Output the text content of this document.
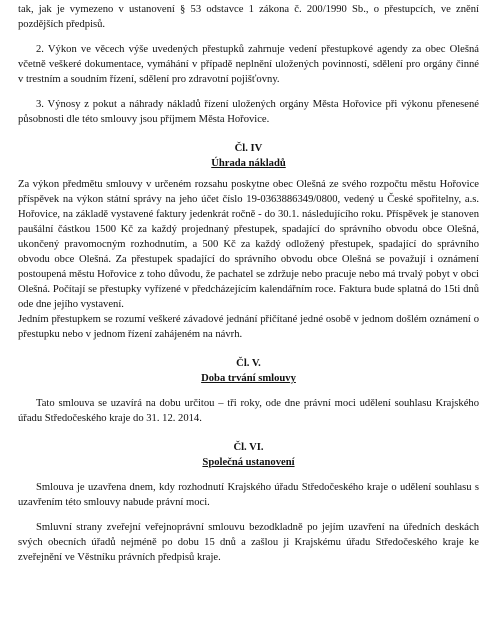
tak, jak je vymezeno v ustanovení § 53 odstavce 1 zákona č. 200/1990 Sb., o přestupcích, ve znění pozdějších předpisů.

2. Výkon ve věcech výše uvedených přestupků zahrnuje vedení přestupkové agendy za obec Olešná včetně veškeré dokumentace, vymáhání v případě neplnění uložených povinností, sdělení pro orgány činné v trestním a soudním řízení, sdělení pro zdravotní pojišťovny.

3. Výnosy z pokut a náhrady nákladů řízení uložených orgány Města Hořovice při výkonu přenesené působnosti dle této smlouvy jsou příjmem Města Hořovice.

Čl. IV

Úhrada nákladů

Za výkon předmětu smlouvy v určeném rozsahu poskytne obec Olešná ze svého rozpočtu městu Hořovice příspěvek na výkon státní správy na jeho účet číslo 19-0363886349/0800, vedený u České spořitelny, a.s. Hořovice, na základě vystavené faktury jedenkrát ročně - do 30.1. následujícího roku. Příspěvek je stanoven paušální částkou 1500 Kč za každý projednaný přestupek, spadající do správního obvodu obce Olešná, ukončený pravomocným rozhodnutím, a 500 Kč za každý odložený přestupek, spadající do správního obvodu obce Olešná. Za přestupek spadající do správního obvodu obce Olešná se považují i oznámení postoupená městu Hořovice z toho důvodu, že pachatel se zdržuje nebo pracuje nebo má trvalý pobyt v obci Olešná. Počítají se přestupky vyřízené v předcházejícím kalendářním roce. Faktura bude splatná do 15ti dnů ode dne jejího vystavení.

Jedním přestupkem se rozumí veškeré závadové jednání přičítané jedné osobě v jednom došlém oznámení o přestupku nebo v jednom řízení zahájeném na návrh.

Čl. V.

Doba trvání smlouvy

Tato smlouva se uzavírá na dobu určitou – tři roky, ode dne právní moci udělení souhlasu Krajského úřadu Středočeského kraje do 31. 12. 2014.

Čl. VI.

Společná ustanovení

Smlouva je uzavřena dnem, kdy rozhodnutí Krajského úřadu Středočeského kraje o udělení souhlasu s uzavřením této smlouvy nabude právní moci.

Smluvní strany zveřejní veřejnoprávní smlouvu bezodkladně po jejím uzavření na úředních deskách svých obecních úřadů nejméně po dobu 15 dnů a zašlou ji Krajskému úřadu Středočeského kraje ke zveřejnění ve Věstníku právních předpisů kraje.
